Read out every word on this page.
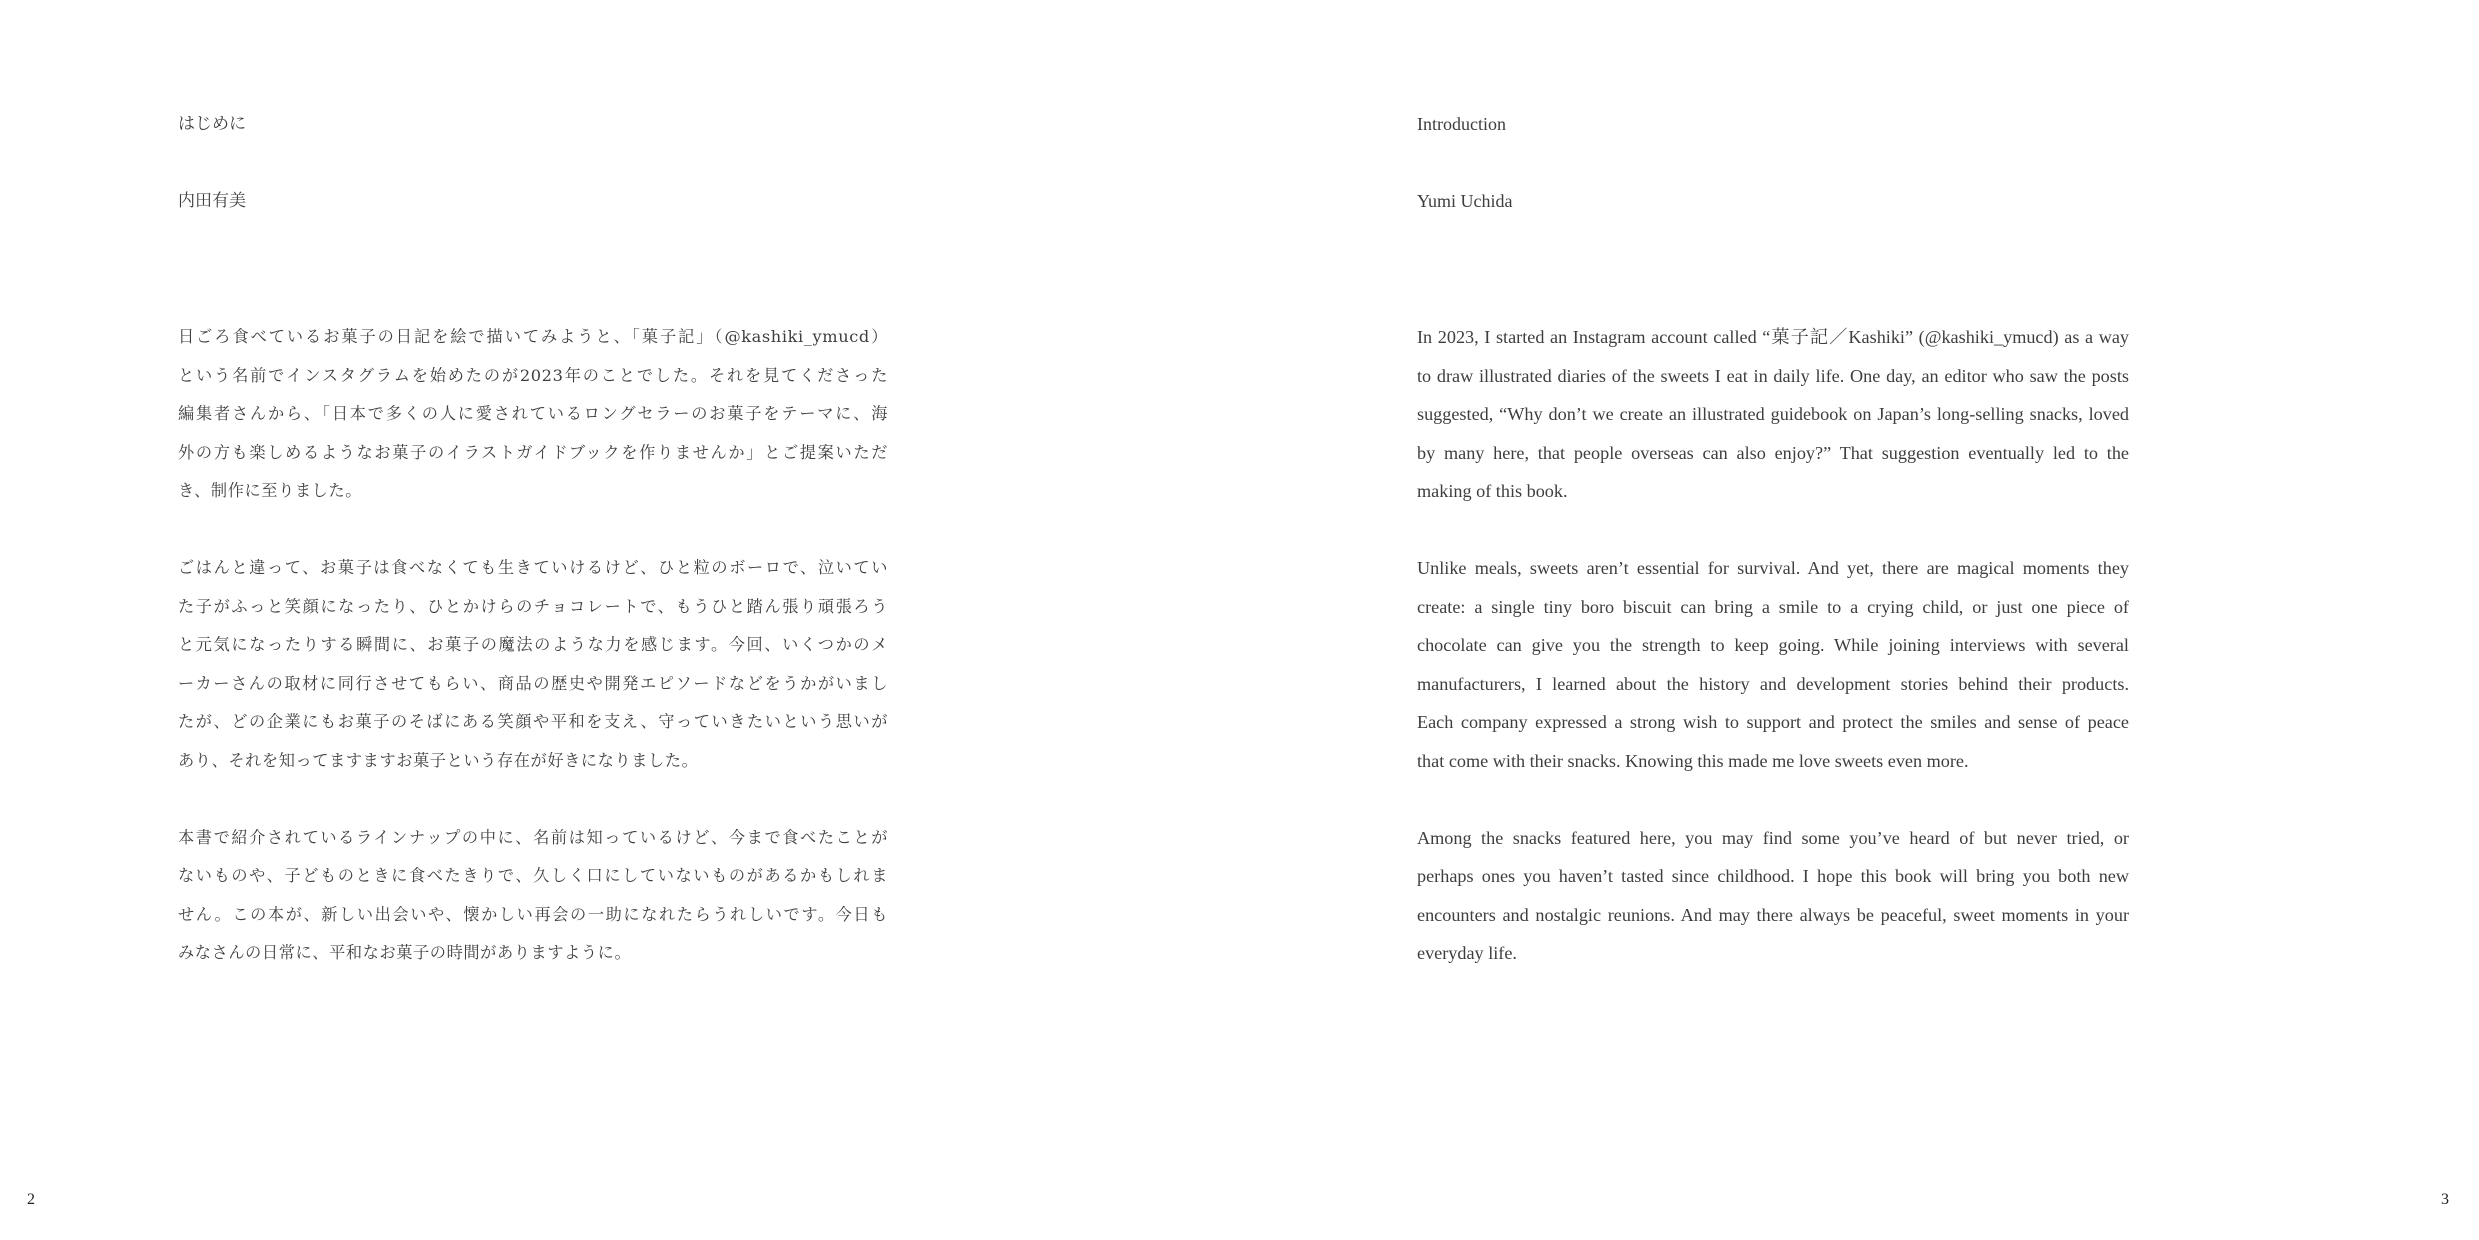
はじめに
内田有美
日ごろ食べているお菓子の日記を絵で描いてみようと、「菓子記」（@kashiki_ymucd）
という名前でインスタグラムを始めたのが2023年のことでした。それを見てくださった
編集者さんから、「日本で多くの人に愛されているロングセラーのお菓子をテーマに、海
外の方も楽しめるようなお菓子のイラストガイドブックを作りませんか」とご提案いただ
き、制作に至りました。
ごはんと違って、お菓子は食べなくても生きていけるけど、ひと粒のボーロで、泣いてい
た子がふっと笑顔になったり、ひとかけらのチョコレートで、もうひと踏ん張り頑張ろう
と元気になったりする瞬間に、お菓子の魔法のような力を感じます。今回、いくつかのメ
ーカーさんの取材に同行させてもらい、商品の歴史や開発エピソードなどをうかがいまし
たが、どの企業にもお菓子のそばにある笑顔や平和を支え、守っていきたいという思いが
あり、それを知ってますますお菓子という存在が好きになりました。
本書で紹介されているラインナップの中に、名前は知っているけど、今まで食べたことが
ないものや、子どものときに食べたきりで、久しく口にしていないものがあるかもしれま
せん。この本が、新しい出会いや、懐かしい再会の一助になれたらうれしいです。今日も
みなさんの日常に、平和なお菓子の時間がありますように。
2
Introduction
Yumi Uchida
In 2023, I started an Instagram account called “菓子記／Kashiki” (@kashiki_ymucd) as a way
to draw illustrated diaries of the sweets I eat in daily life. One day, an editor who saw the posts
suggested, “Why don’t we create an illustrated guidebook on Japan’s long-selling snacks, loved
by many here, that people overseas can also enjoy?” That suggestion eventually led to the
making of this book.
Unlike meals, sweets aren’t essential for survival. And yet, there are magical moments they
create: a single tiny boro biscuit can bring a smile to a crying child, or just one piece of
chocolate can give you the strength to keep going. While joining interviews with several
manufacturers, I learned about the history and development stories behind their products.
Each company expressed a strong wish to support and protect the smiles and sense of peace
that come with their snacks. Knowing this made me love sweets even more.
Among the snacks featured here, you may find some you’ve heard of but never tried, or
perhaps ones you haven’t tasted since childhood. I hope this book will bring you both new
encounters and nostalgic reunions. And may there always be peaceful, sweet moments in your
everyday life.
3
